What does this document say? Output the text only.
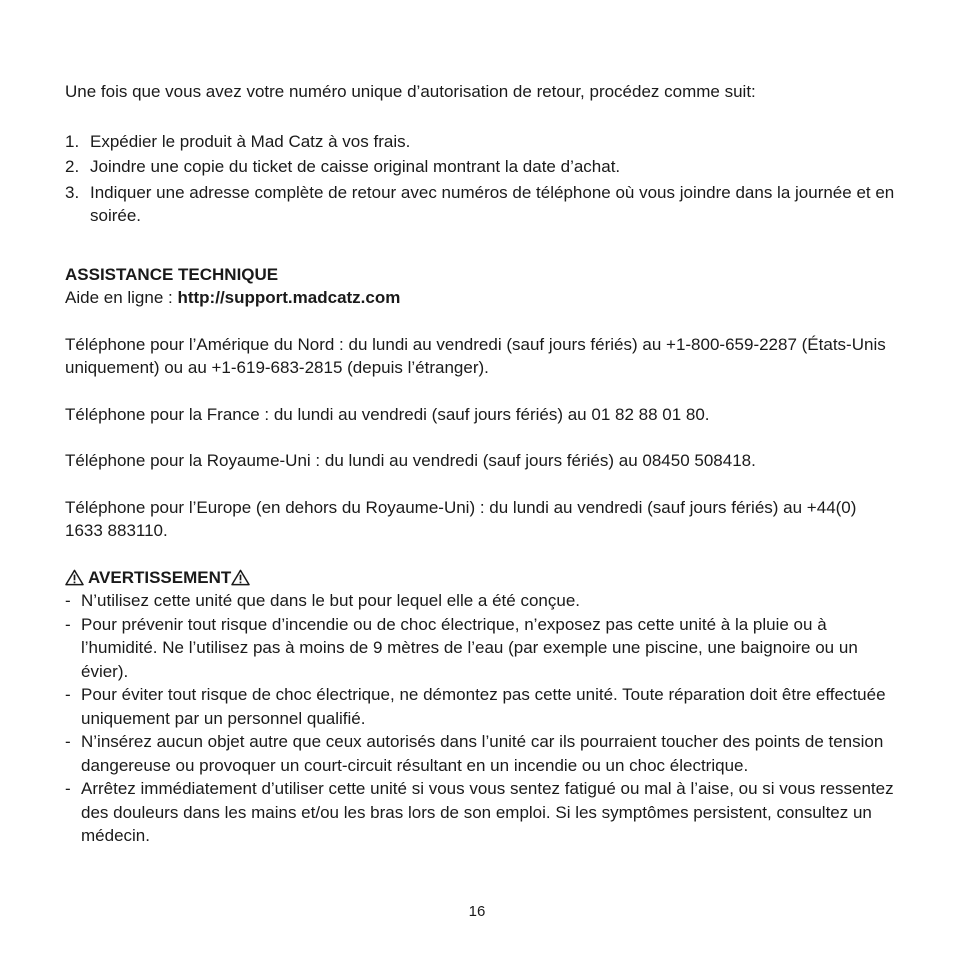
Une fois que vous avez votre numéro unique d’autorisation de retour, procédez comme suit:

1. Expédier le produit à Mad Catz à vos frais.
2. Joindre une copie du ticket de caisse original montrant la date d’achat.
3. Indiquer une adresse complète de retour avec numéros de téléphone où vous joindre dans la journée et en soirée.

ASSISTANCE TECHNIQUE

Aide en ligne : http://support.madcatz.com

Téléphone pour l’Amérique du Nord : du lundi au vendredi (sauf jours fériés) au +1-800-659-2287 (États-Unis uniquement) ou au +1-619-683-2815 (depuis l’étranger).

Téléphone pour la France : du lundi au vendredi (sauf jours fériés) au 01 82 88 01 80.

Téléphone pour la Royaume-Uni : du lundi au vendredi (sauf jours fériés) au 08450 508418.

Téléphone pour l’Europe (en dehors du Royaume-Uni) : du lundi au vendredi (sauf jours fériés) au +44(0) 1633 883110.

AVERTISSEMENT
- N’utilisez cette unité que dans le but pour lequel elle a été conçue.
- Pour prévenir tout risque d’incendie ou de choc électrique, n’exposez pas cette unité à la pluie ou à l’humidité. Ne l’utilisez pas à moins de 9 mètres de l’eau (par exemple une piscine, une baignoire ou un évier).
- Pour éviter tout risque de choc électrique, ne démontez pas cette unité. Toute réparation doit être effectuée uniquement par un personnel qualifié.
- N’insérez aucun objet autre que ceux autorisés dans l’unité car ils pourraient toucher des points de tension dangereuse ou provoquer un court-circuit résultant en un incendie ou un choc électrique.
- Arrêtez immédiatement d’utiliser cette unité si vous vous sentez fatigué ou mal à l’aise, ou si vous ressentez des douleurs dans les mains et/ou les bras lors de son emploi. Si les symptômes persistent, consultez un médecin.
16
